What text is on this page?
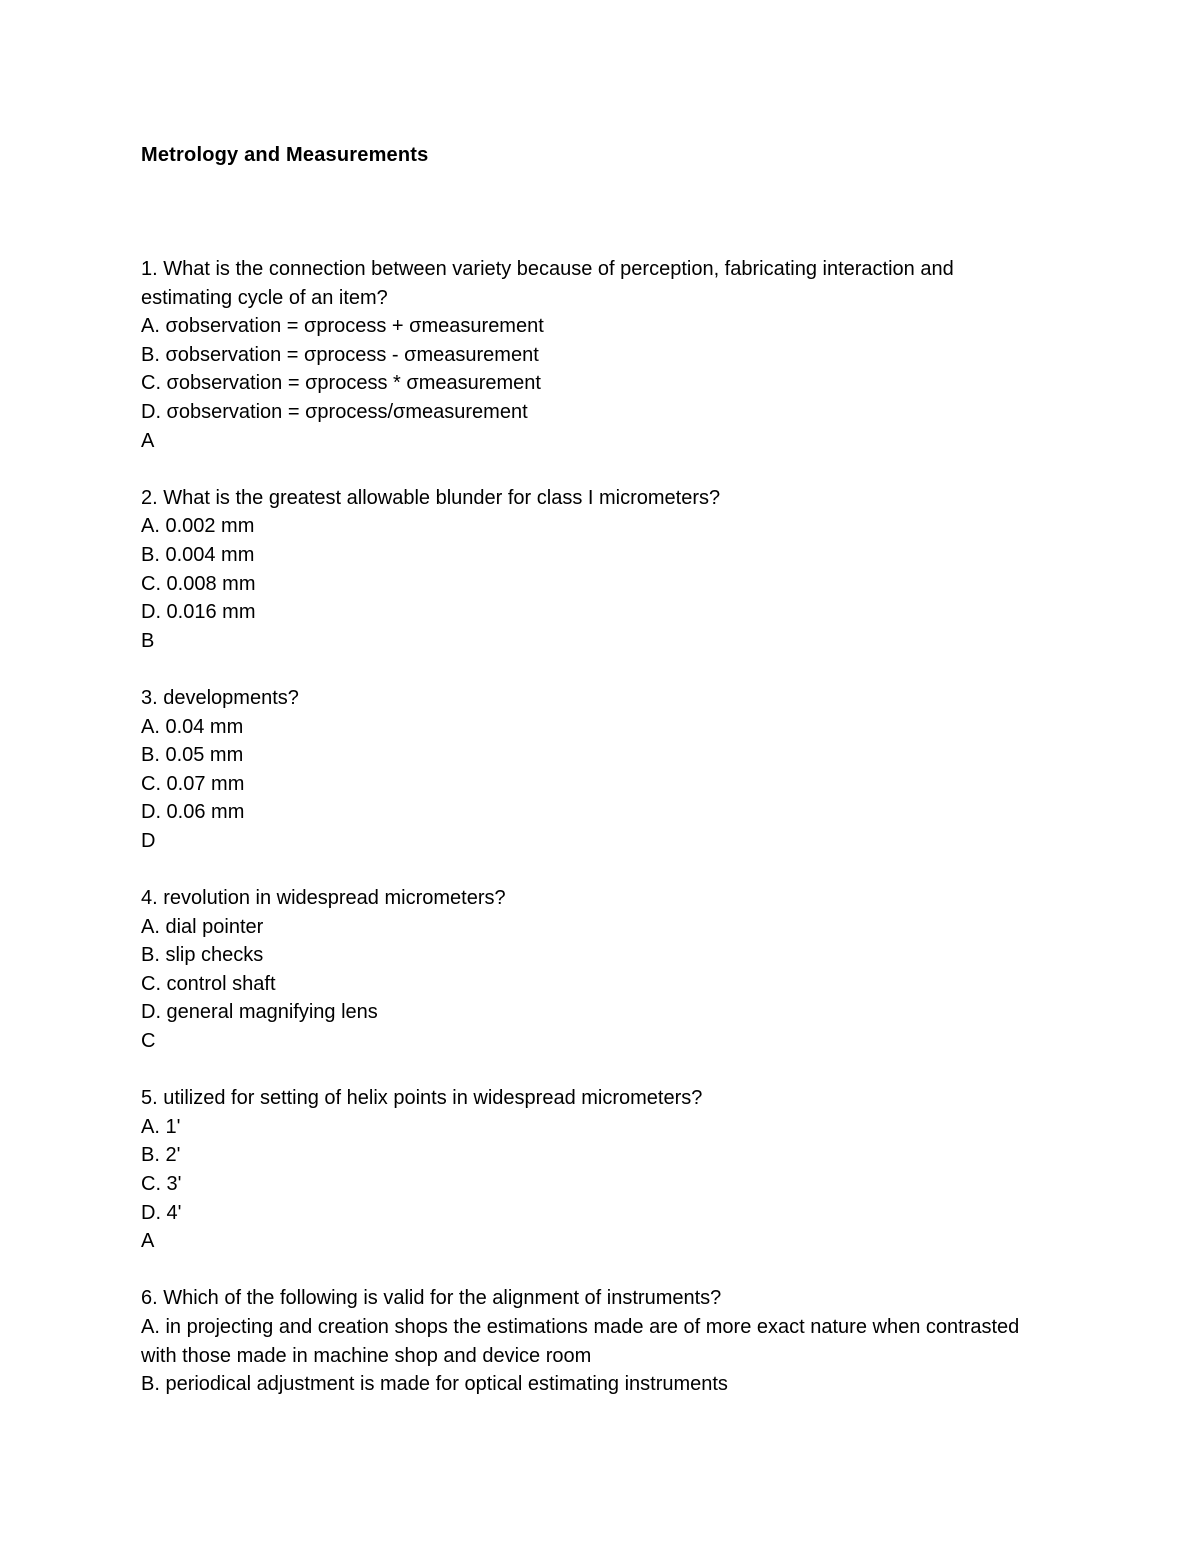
Metrology and Measurements
1. What is the connection between variety because of perception, fabricating interaction and estimating cycle of an item?
A. σobservation = σprocess + σmeasurement
B. σobservation = σprocess - σmeasurement
C. σobservation = σprocess * σmeasurement
D. σobservation = σprocess/σmeasurement
A
2. What is the greatest allowable blunder for class I micrometers?
A. 0.002 mm
B. 0.004 mm
C. 0.008 mm
D. 0.016 mm
B
3. developments?
A. 0.04 mm
B. 0.05 mm
C. 0.07 mm
D. 0.06 mm
D
4. revolution in widespread micrometers?
A. dial pointer
B. slip checks
C. control shaft
D. general magnifying lens
C
5. utilized for setting of helix points in widespread micrometers?
A. 1'
B. 2'
C. 3'
D. 4'
A
6. Which of the following is valid for the alignment of instruments?
A. in projecting and creation shops the estimations made are of more exact nature when contrasted with those made in machine shop and device room
B. periodical adjustment is made for optical estimating instruments
